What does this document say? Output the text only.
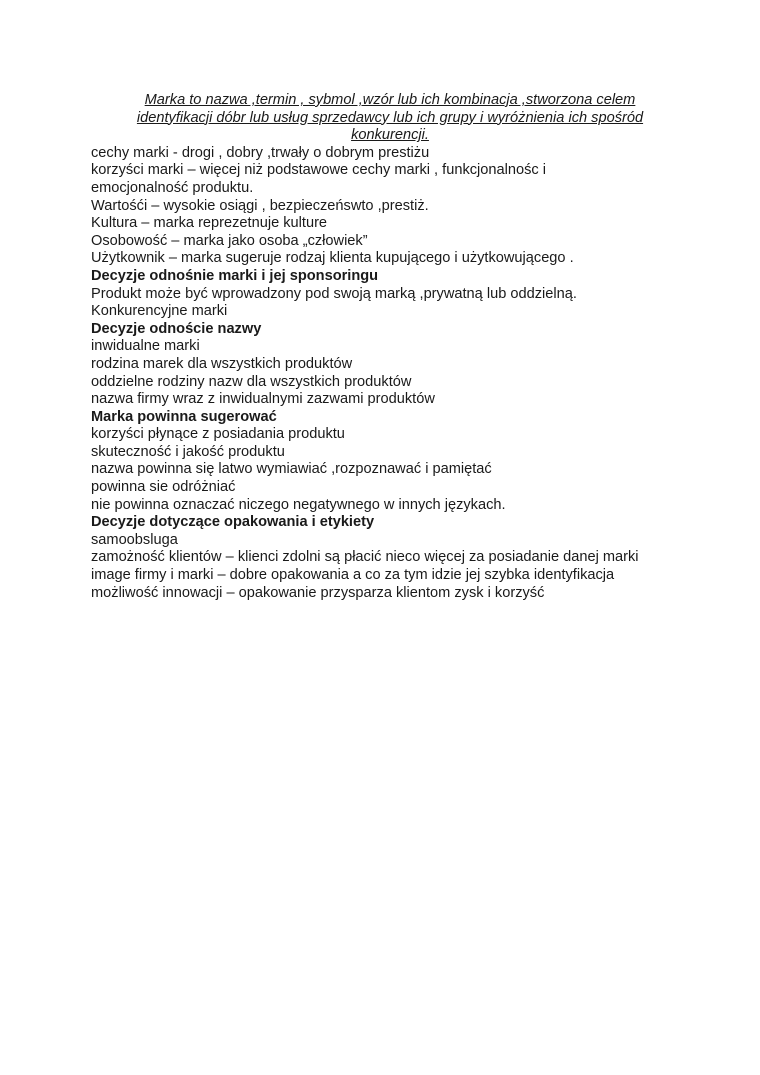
Marka to nazwa ,termin , sybmol ,wzór lub ich kombinacja ,stworzona celem identyfikacji dóbr lub usług sprzedawcy lub ich grupy i wyróżnienia ich spośród konkurencji.

cechy marki - drogi , dobry ,trwały o dobrym prestiżu

korzyści marki – więcej niż podstawowe cechy marki , funkcjonalnośc i emocjonalność produktu.

Wartośći – wysokie osiągi , bezpieczeńswto ,prestiż.

Kultura – marka reprezetnuje kulture

Osobowość – marka jako osoba „człowiek”

Użytkownik – marka sugeruje rodzaj klienta kupującego i użytkowującego .

Decyzje odnośnie marki i jej sponsoringu

Produkt może być wprowadzony pod swoją marką ,prywatną lub oddzielną.

Konkurencyjne marki

Decyzje odnoście nazwy

inwidualne marki

rodzina marek dla wszystkich produktów

oddzielne rodziny nazw dla wszystkich produktów

nazwa firmy wraz z inwidualnymi zazwami produktów

Marka powinna sugerować

korzyści płynące z posiadania produktu

skuteczność i jakość produktu

nazwa powinna się latwo wymiawiać ,rozpoznawać i pamiętać

powinna sie odróżniać

nie powinna oznaczać niczego negatywnego w innych językach.

Decyzje dotyczące opakowania i etykiety

samoobsluga

zamożność klientów – klienci zdolni są płacić nieco więcej za posiadanie danej marki

image firmy i marki – dobre opakowania a co za tym idzie jej szybka identyfikacja

możliwość innowacji – opakowanie przysparza klientom zysk i korzyść
